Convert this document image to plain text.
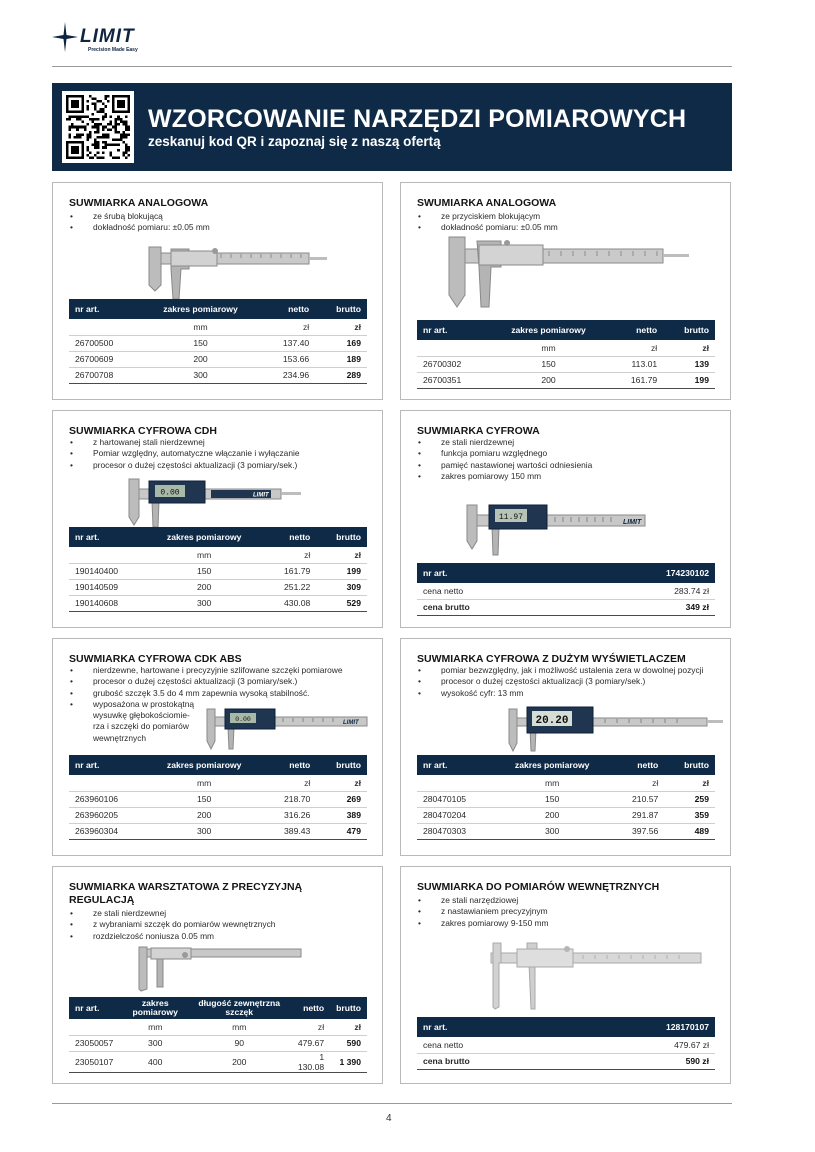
LIMIT
Precision Made Easy
WZORCOWANIE NARZĘDZI POMIAROWYCH
zeskanuj kod QR i zapoznaj się z naszą ofertą
SUWMIARKA ANALOGOWA
• ze śrubą blokującą
• dokładność pomiaru: ±0.05 mm
nr art.	zakres pomiarowy	netto	brutto
	mm	zł	zł
26700500	150	137.40	169
26700609	200	153.66	189
26700708	300	234.96	289
SWUMIARKA ANALOGOWA
• ze przyciskiem blokującym
• dokładność pomiaru: ±0.05 mm
nr art.	zakres pomiarowy	netto	brutto
	mm	zł	zł
26700302	150	113.01	139
26700351	200	161.79	199
SUWMIARKA CYFROWA CDH
• z hartowanej stali nierdzewnej
• Pomiar względny, automatyczne włączanie i wyłączanie
• procesor o dużej częstości aktualizacji (3 pomiary/sek.)
0.00	LIMIT
nr art.	zakres pomiarowy	netto	brutto
	mm	zł	zł
190140400	150	161.79	199
190140509	200	251.22	309
190140608	300	430.08	529
SUWMIARKA CYFROWA
• ze stali nierdzewnej
• funkcja pomiaru względnego
• pamięć nastawionej wartości odniesienia
• zakres pomiarowy 150 mm
11.97
LIMIT
nr art.	174230102
cena netto	283.74 zł
cena brutto	349 zł
SUWMIARKA CYFROWA CDK ABS
• nierdzewne, hartowane i precyzyjnie szlifowane szczęki pomiarowe
• procesor o dużej częstości aktualizacji (3 pomiary/sek.)
• grubość szczęk 3.5 do 4 mm zapewnia wysoką stabilność.
• wyposażona w prostokątną
wysuwkę głębokościomie-
rza i szczęki do pomiarów
wewnętrznych
0.00	LIMIT
nr art.	zakres pomiarowy	netto	brutto
	mm	zł	zł
263960106	150	218.70	269
263960205	200	316.26	389
263960304	300	389.43	479
SUWMIARKA CYFROWA Z DUŻYM WYŚWIETLACZEM
• pomiar bezwzględny, jak i możliwość ustalenia zera w dowolnej pozycji
• procesor o dużej częstości aktualizacji (3 pomiary/sek.)
• wysokość cyfr: 13 mm
20.20
nr art.	zakres pomiarowy	netto	brutto
	mm	zł	zł
280470105	150	210.57	259
280470204	200	291.87	359
280470303	300	397.56	489
SUWMIARKA WARSZTATOWA Z PRECYZYJNĄ
REGULACJĄ
• ze stali nierdzewnej
• z wybraniami szczęk do pomiarów wewnętrznych
• rozdzielczość noniusza 0.05 mm
nr art.	zakres pomiarowy	długość zewnętrzna szczęk	netto	brutto
	mm	mm	zł	zł
23050057	300	90	479.67	590
23050107	400	200	1 130.08	1 390
SUWMIARKA DO POMIARÓW WEWNĘTRZNYCH
• ze stali narzędziowej
• z nastawianiem precyzyjnym
• zakres pomiarowy 9-150 mm
nr art.	128170107
cena netto	479.67 zł
cena brutto	590 zł
4
